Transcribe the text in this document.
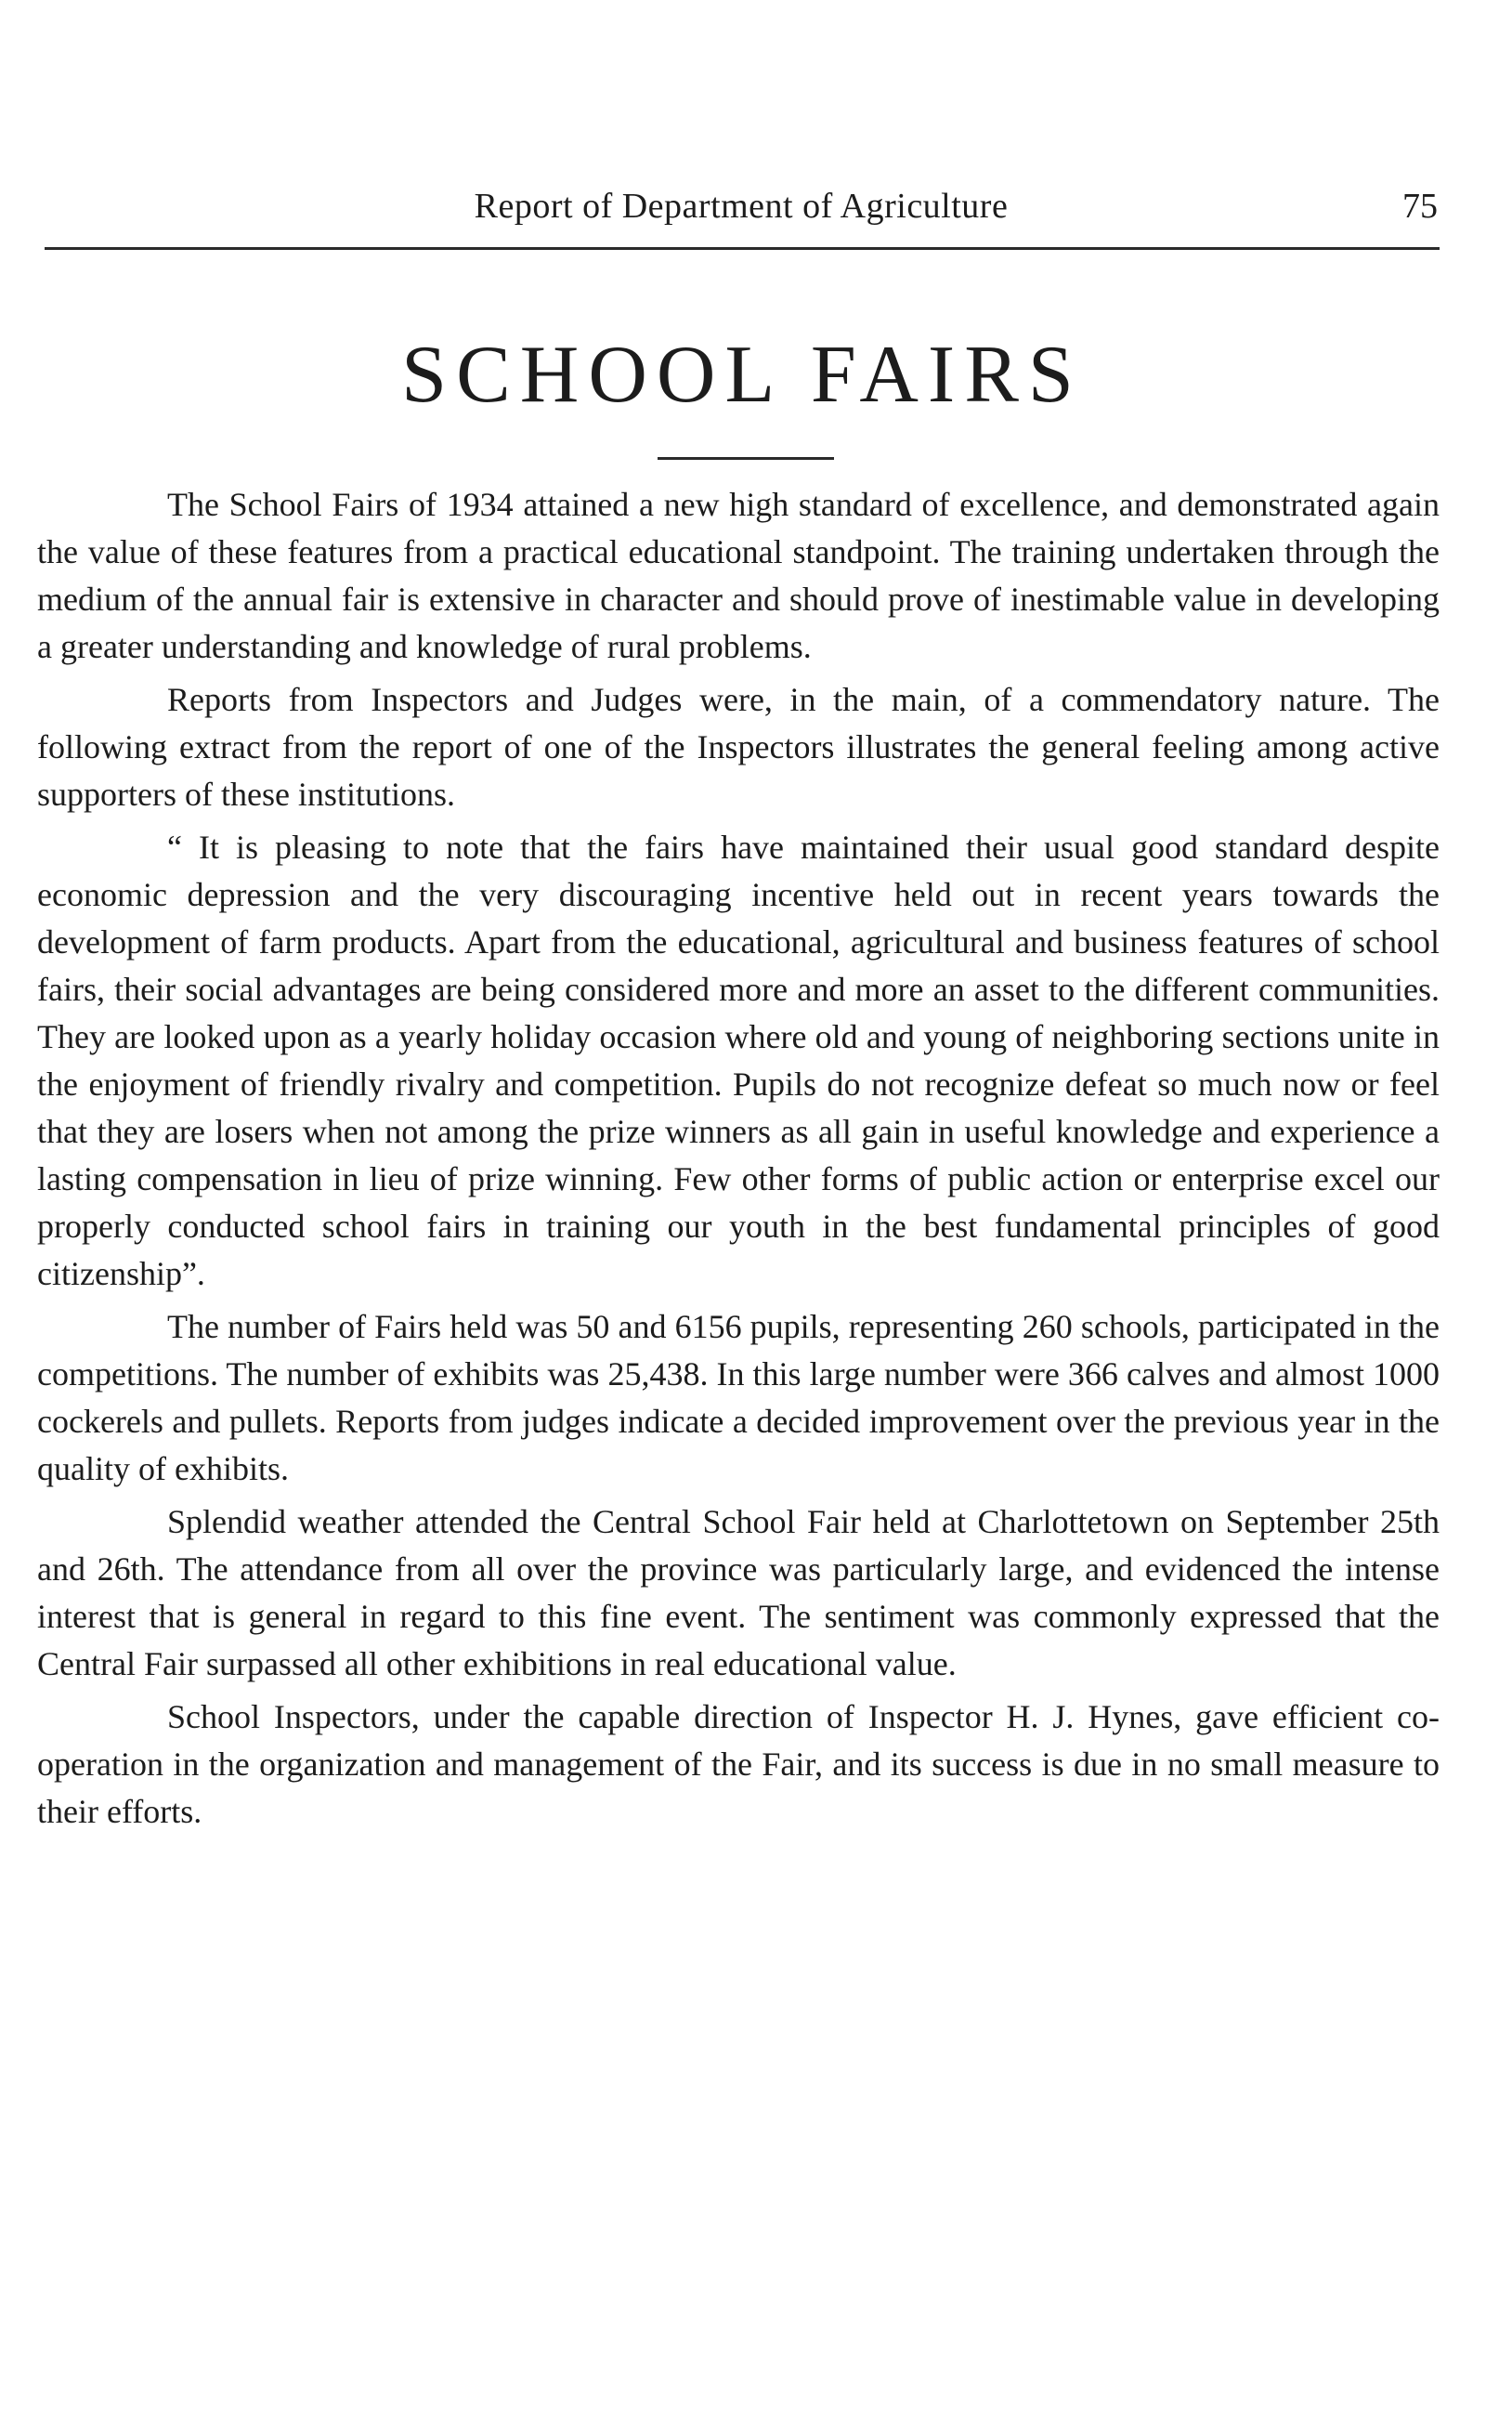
Report of Department of Agriculture	75
SCHOOL FAIRS

The School Fairs of 1934 attained a new high standard of excellence, and demonstrated again the value of these features from a practical educational standpoint. The training undertaken through the medium of the annual fair is extensive in character and should prove of inestimable value in developing a greater understanding and knowledge of rural problems.

Reports from Inspectors and Judges were, in the main, of a commendatory nature. The following extract from the report of one of the Inspectors illustrates the general feeling among active supporters of these institutions.

“ It is pleasing to note that the fairs have maintained their usual good standard despite economic depression and the very discouraging incentive held out in recent years towards the development of farm products. Apart from the educational, agricultural and business features of school fairs, their social advantages are being considered more and more an asset to the different communities. They are looked upon as a yearly holiday occasion where old and young of neighboring sections unite in the enjoyment of friendly rivalry and competition. Pupils do not recognize defeat so much now or feel that they are losers when not among the prize winners as all gain in useful knowledge and experience a lasting compensation in lieu of prize winning. Few other forms of public action or enterprise excel our properly conducted school fairs in training our youth in the best fundamental principles of good citizenship”.

The number of Fairs held was 50 and 6156 pupils, representing 260 schools, participated in the competitions. The number of exhibits was 25,438. In this large number were 366 calves and almost 1000 cockerels and pullets. Reports from judges indicate a decided improvement over the previous year in the quality of exhibits.

Splendid weather attended the Central School Fair held at Charlottetown on September 25th and 26th. The attendance from all over the province was particularly large, and evidenced the intense interest that is general in regard to this fine event. The sentiment was commonly expressed that the Central Fair surpassed all other exhibitions in real educational value.

School Inspectors, under the capable direction of Inspector H. J. Hynes, gave efficient co-operation in the organization and management of the Fair, and its success is due in no small measure to their efforts.
